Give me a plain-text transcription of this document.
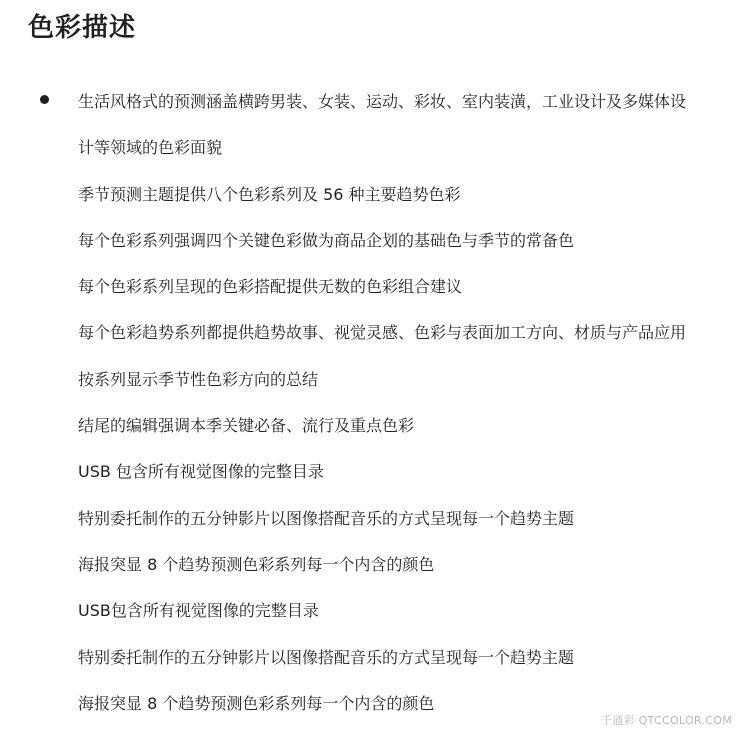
色彩描述
生活风格式的预测涵盖横跨男装、女装、运动、彩妆、室内装潢，工业设计及多媒体设
计等领域的色彩面貌
季节预测主题提供八个色彩系列及 56 种主要趋势色彩
每个色彩系列强调四个关键色彩做为商品企划的基础色与季节的常备色
每个色彩系列呈现的色彩搭配提供无数的色彩组合建议
每个色彩趋势系列都提供趋势故事、视觉灵感、色彩与表面加工方向、材质与产品应用
按系列显示季节性色彩方向的总结
结尾的编辑强调本季关键必备、流行及重点色彩
USB 包含所有视觉图像的完整目录
特别委托制作的五分钟影片以图像搭配音乐的方式呈现每一个趋势主题
海报突显 8 个趋势预测色彩系列每一个内含的颜色
USB包含所有视觉图像的完整目录
特别委托制作的五分钟影片以图像搭配音乐的方式呈现每一个趋势主题
海报突显 8 个趋势预测色彩系列每一个内含的颜色
千通彩 QTCCOLOR.COM
